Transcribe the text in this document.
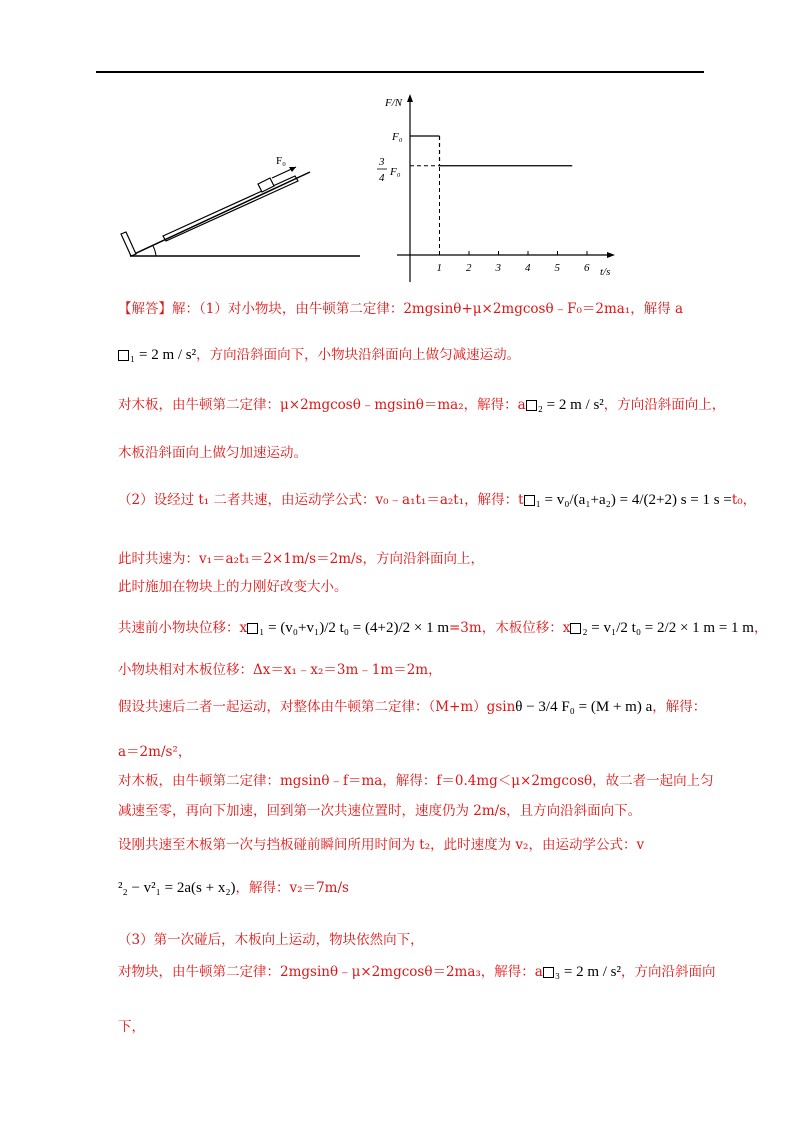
F₀
F/N
t/s
F₀
3
4 F₀
1 2 3 4 5 6
【解答】解：（1）对小物块，由牛顿第二定律：2mgsinθ+μ×2mgcosθ﹣F₀＝2ma₁，解得 a
₁ = 2 m / s²，方向沿斜面向下，小物块沿斜面向上做匀减速运动。
对木板，由牛顿第二定律：μ×2mgcosθ﹣mgsinθ＝ma₂，解得：a ₂ = 2 m / s²，方向沿斜面向上，
木板沿斜面向上做匀加速运动。
（2）设经过 t₁ 二者共速，由运动学公式：v₀﹣a₁t₁＝a₂t₁，解得：t ₁ = v₀/(a₁+a₂) = 4/(2+2) s = 1 s =t₀，
此时共速为：v₁＝a₂t₁＝2×1m/s＝2m/s，方向沿斜面向上，
此时施加在物块上的力刚好改变大小。
共速前小物块位移：x ₁ = (v₀+v₁)/2 t₀ = (4+2)/2 × 1 m=3m，木板位移：x ₂ = v₁/2 t₀ = 2/2 × 1 m = 1 m，
小物块相对木板位移：Δx＝x₁﹣x₂＝3m﹣1m＝2m，
假设共速后二者一起运动，对整体由牛顿第二定律：（M+m）gsinθ − 3/4 F₀ = (M + m) a，解得：
a＝2m/s²，
对木板，由牛顿第二定律：mgsinθ﹣f＝ma，解得：f＝0.4mg＜μ×2mgcosθ，故二者一起向上匀
减速至零，再向下加速，回到第一次共速位置时，速度仍为 2m/s，且方向沿斜面向下。
设刚共速至木板第一次与挡板碰前瞬间所用时间为 t₂，此时速度为 v₂，由运动学公式：v
²₂ − v²₁ = 2a(s + x₂)，解得：v₂＝7m/s
（3）第一次碰后，木板向上运动，物块依然向下，
对物块，由牛顿第二定律：2mgsinθ﹣μ×2mgcosθ＝2ma₃，解得：a ₃ = 2 m / s²，方向沿斜面向
下，
